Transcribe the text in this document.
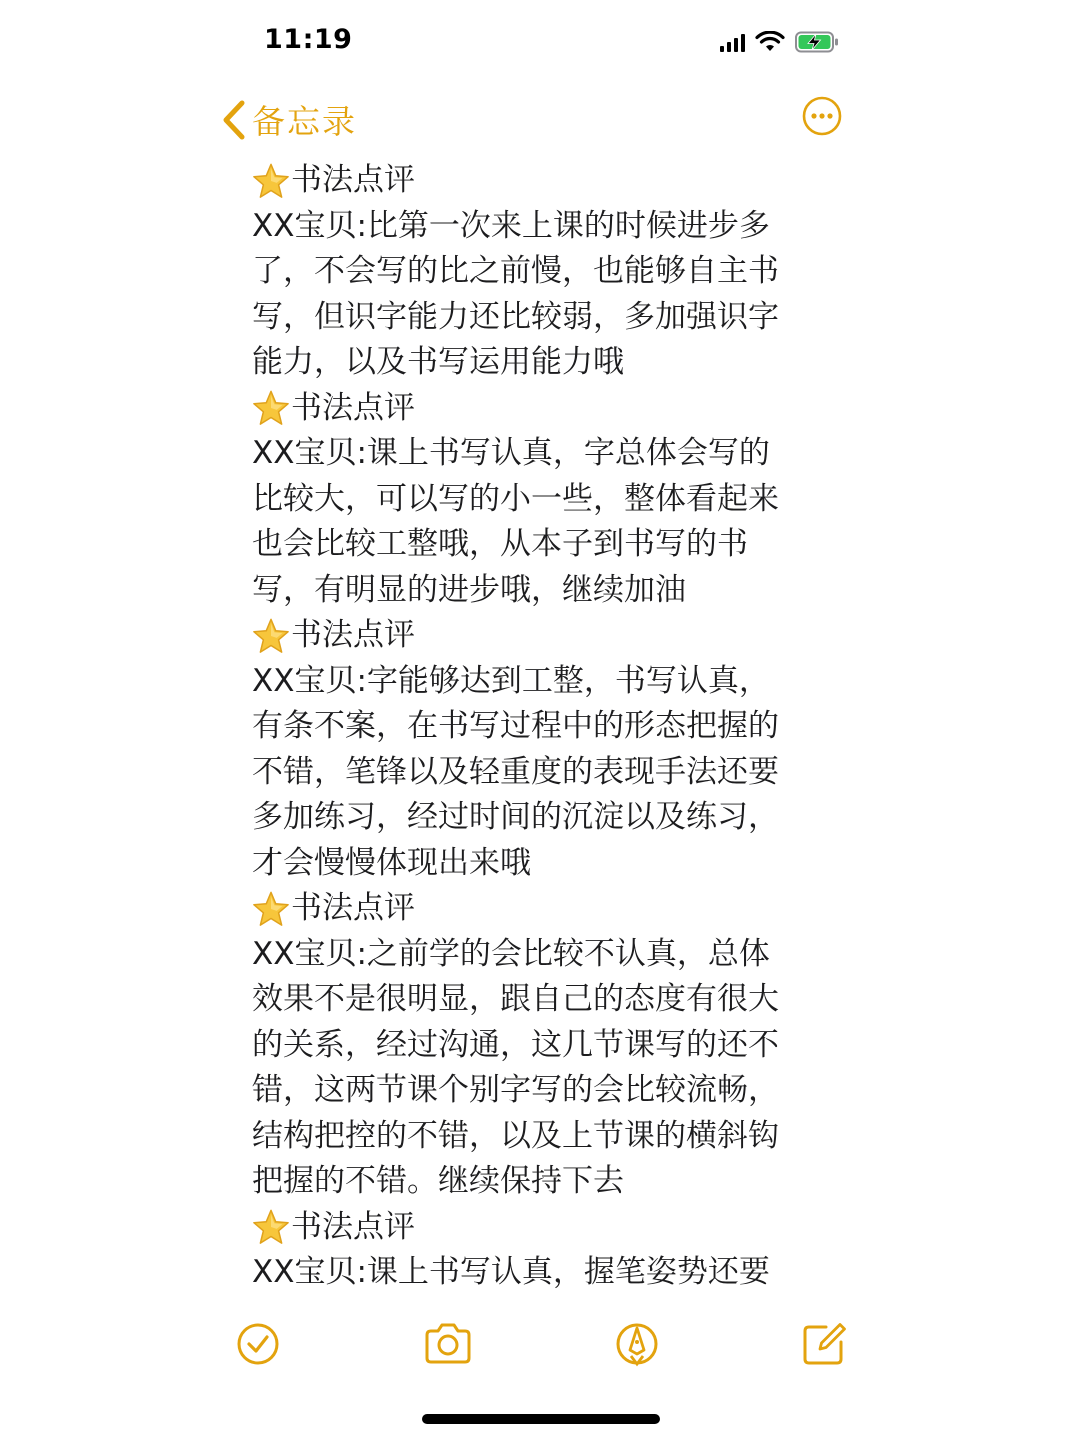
11:19
备忘录

书法点评

XX宝贝:比第一次来上课的时候进步多

了，不会写的比之前慢，也能够自主书

写，但识字能力还比较弱，多加强识字

能力，以及书写运用能力哦

书法点评

XX宝贝:课上书写认真，字总体会写的

比较大，可以写的小一些，整体看起来

也会比较工整哦，从本子到书写的书

写，有明显的进步哦，继续加油

书法点评

XX宝贝:字能够达到工整，书写认真，

有条不案，在书写过程中的形态把握的

不错，笔锋以及轻重度的表现手法还要

多加练习，经过时间的沉淀以及练习，

才会慢慢体现出来哦

书法点评

XX宝贝:之前学的会比较不认真，总体

效果不是很明显，跟自己的态度有很大

的关系，经过沟通，这几节课写的还不

错，这两节课个别字写的会比较流畅，

结构把控的不错，以及上节课的横斜钩

把握的不错。继续保持下去

书法点评

XX宝贝:课上书写认真，握笔姿势还要
